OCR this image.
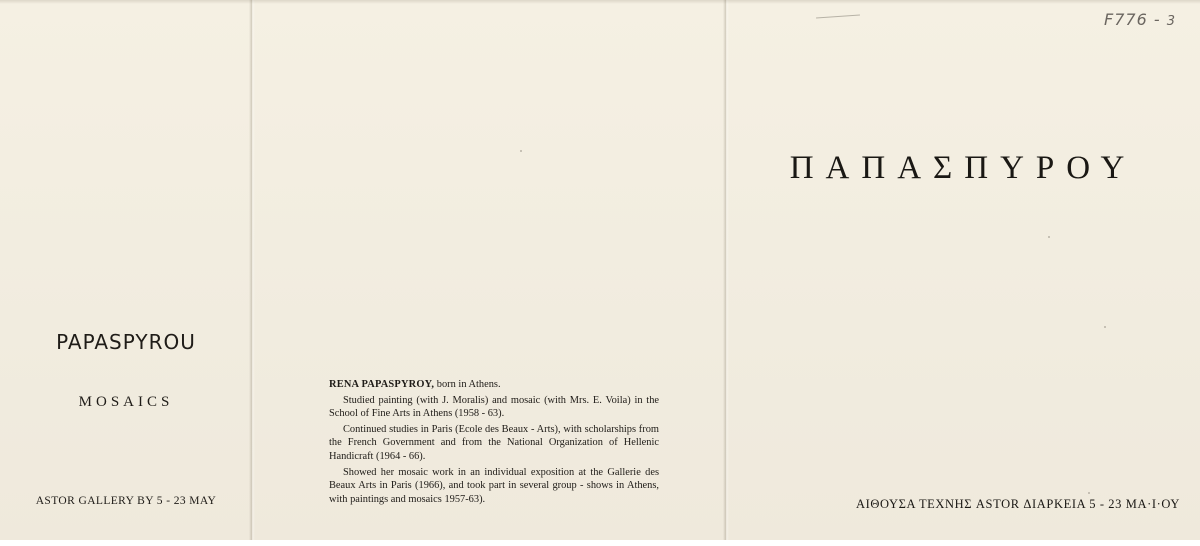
PAPASPYROU
MOSAICS
ASTOR GALLERY BY 5 - 23 MAY

RENA PAPASPYROY, born in Athens.

Studied painting (with J. Moralis) and mosaic (with Mrs. E. Voila) in the School of Fine Arts in Athens (1958 - 63).

Continued studies in Paris (Ecole des Beaux - Arts), with scholarships from the French Government and from the National Organization of Hellenic Handicraft (1964 - 66).

Showed her mosaic work in an individual exposition at the Gallerie des Beaux Arts in Paris (1966), and took part in several group - shows in Athens, with paintings and mosaics 1957-63).

ΠΑΠΑΣΠΥΡΟΥ
ΑΙΘΟΥΣΑ ΤΕΧΝΗΣ ASTOR ΔΙΑΡΚΕΙΑ 5 - 23 ΜΑ·Ι·ΟΥ
F776 - 3
